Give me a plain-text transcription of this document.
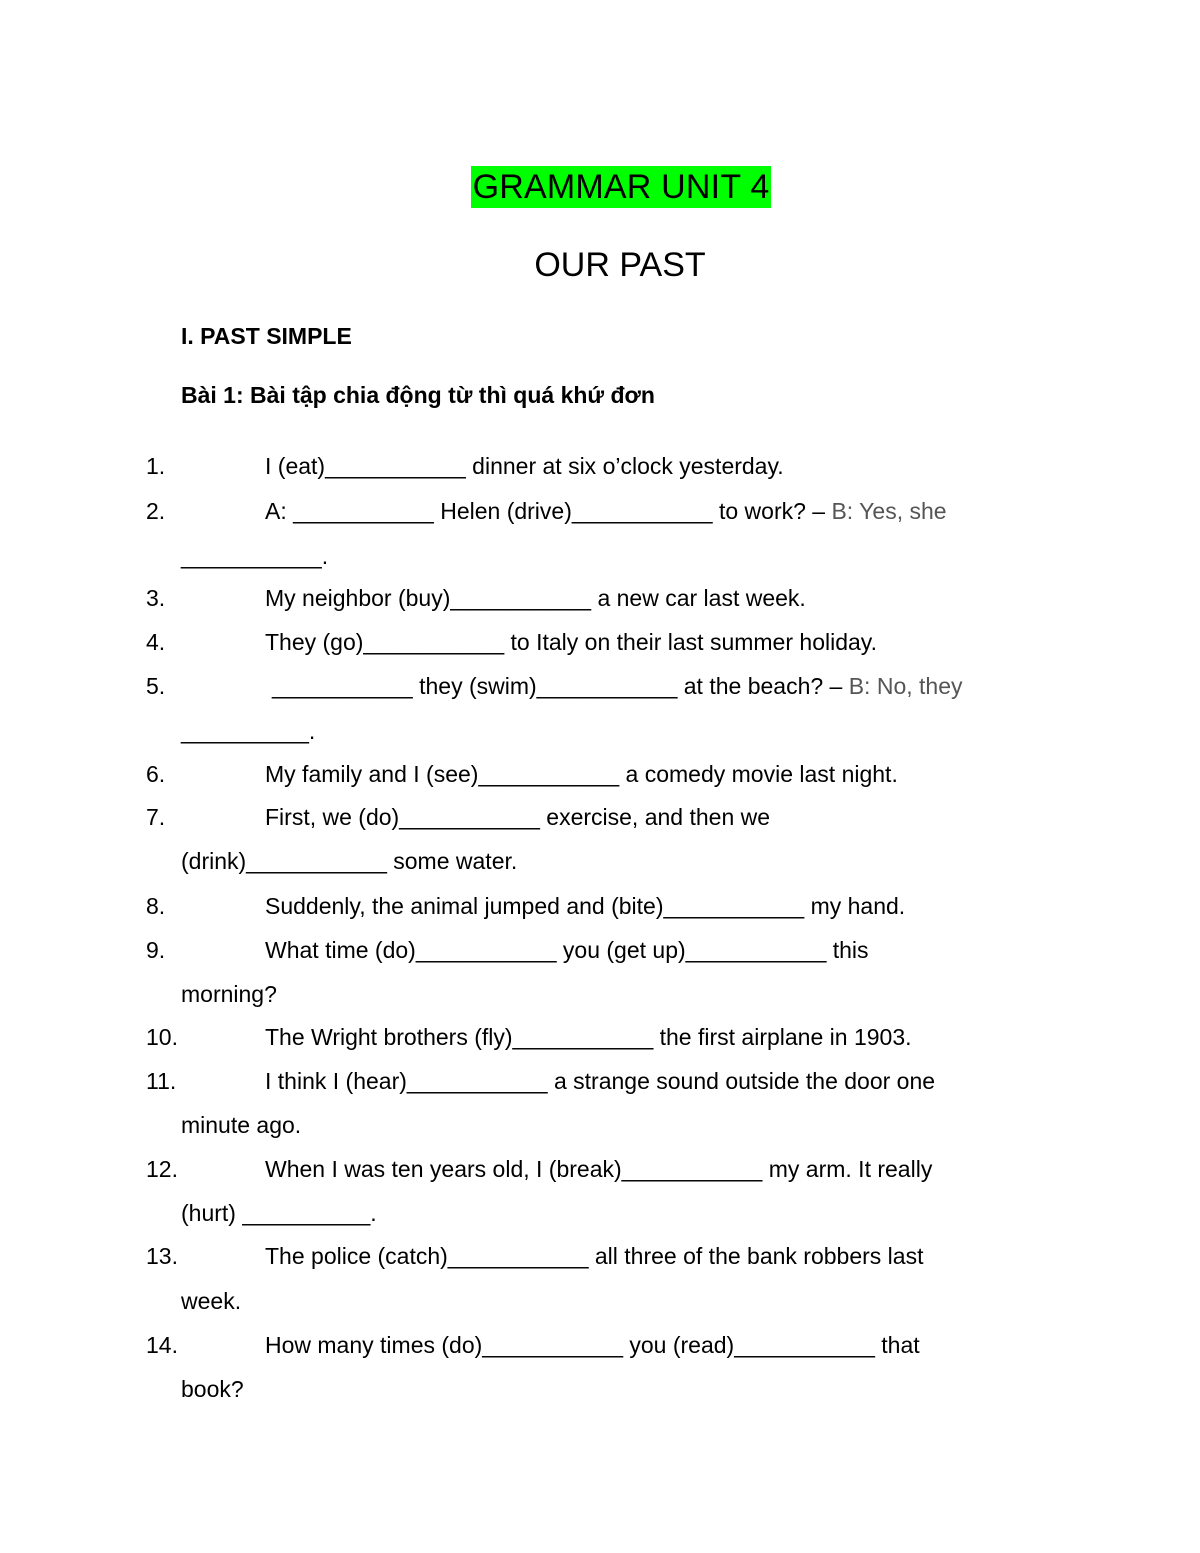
GRAMMAR UNIT 4
OUR PAST
I. PAST SIMPLE
Bài 1: Bài tập chia động từ thì quá khứ đơn
1.	I (eat)___________ dinner at six o’clock yesterday.
2.	A: ___________ Helen (drive)___________ to work? – B: Yes, she
___________.
3.	My neighbor (buy)___________ a new car last week.
4.	They (go)___________ to Italy on their last summer holiday.
5.	___________ they (swim)___________ at the beach? – B: No, they
__________.
6.	My family and I (see)___________ a comedy movie last night.
7.	First, we (do)___________ exercise, and then we
(drink)___________ some water.
8.	Suddenly, the animal jumped and (bite)___________ my hand.
9.	What time (do)___________ you (get up)___________ this
morning?
10.	The Wright brothers (fly)___________ the first airplane in 1903.
11.	I think I (hear)___________ a strange sound outside the door one
minute ago.
12.	When I was ten years old, I (break)___________ my arm. It really
(hurt) __________.
13.	The police (catch)___________ all three of the bank robbers last
week.
14.	How many times (do)___________ you (read)___________ that
book?
